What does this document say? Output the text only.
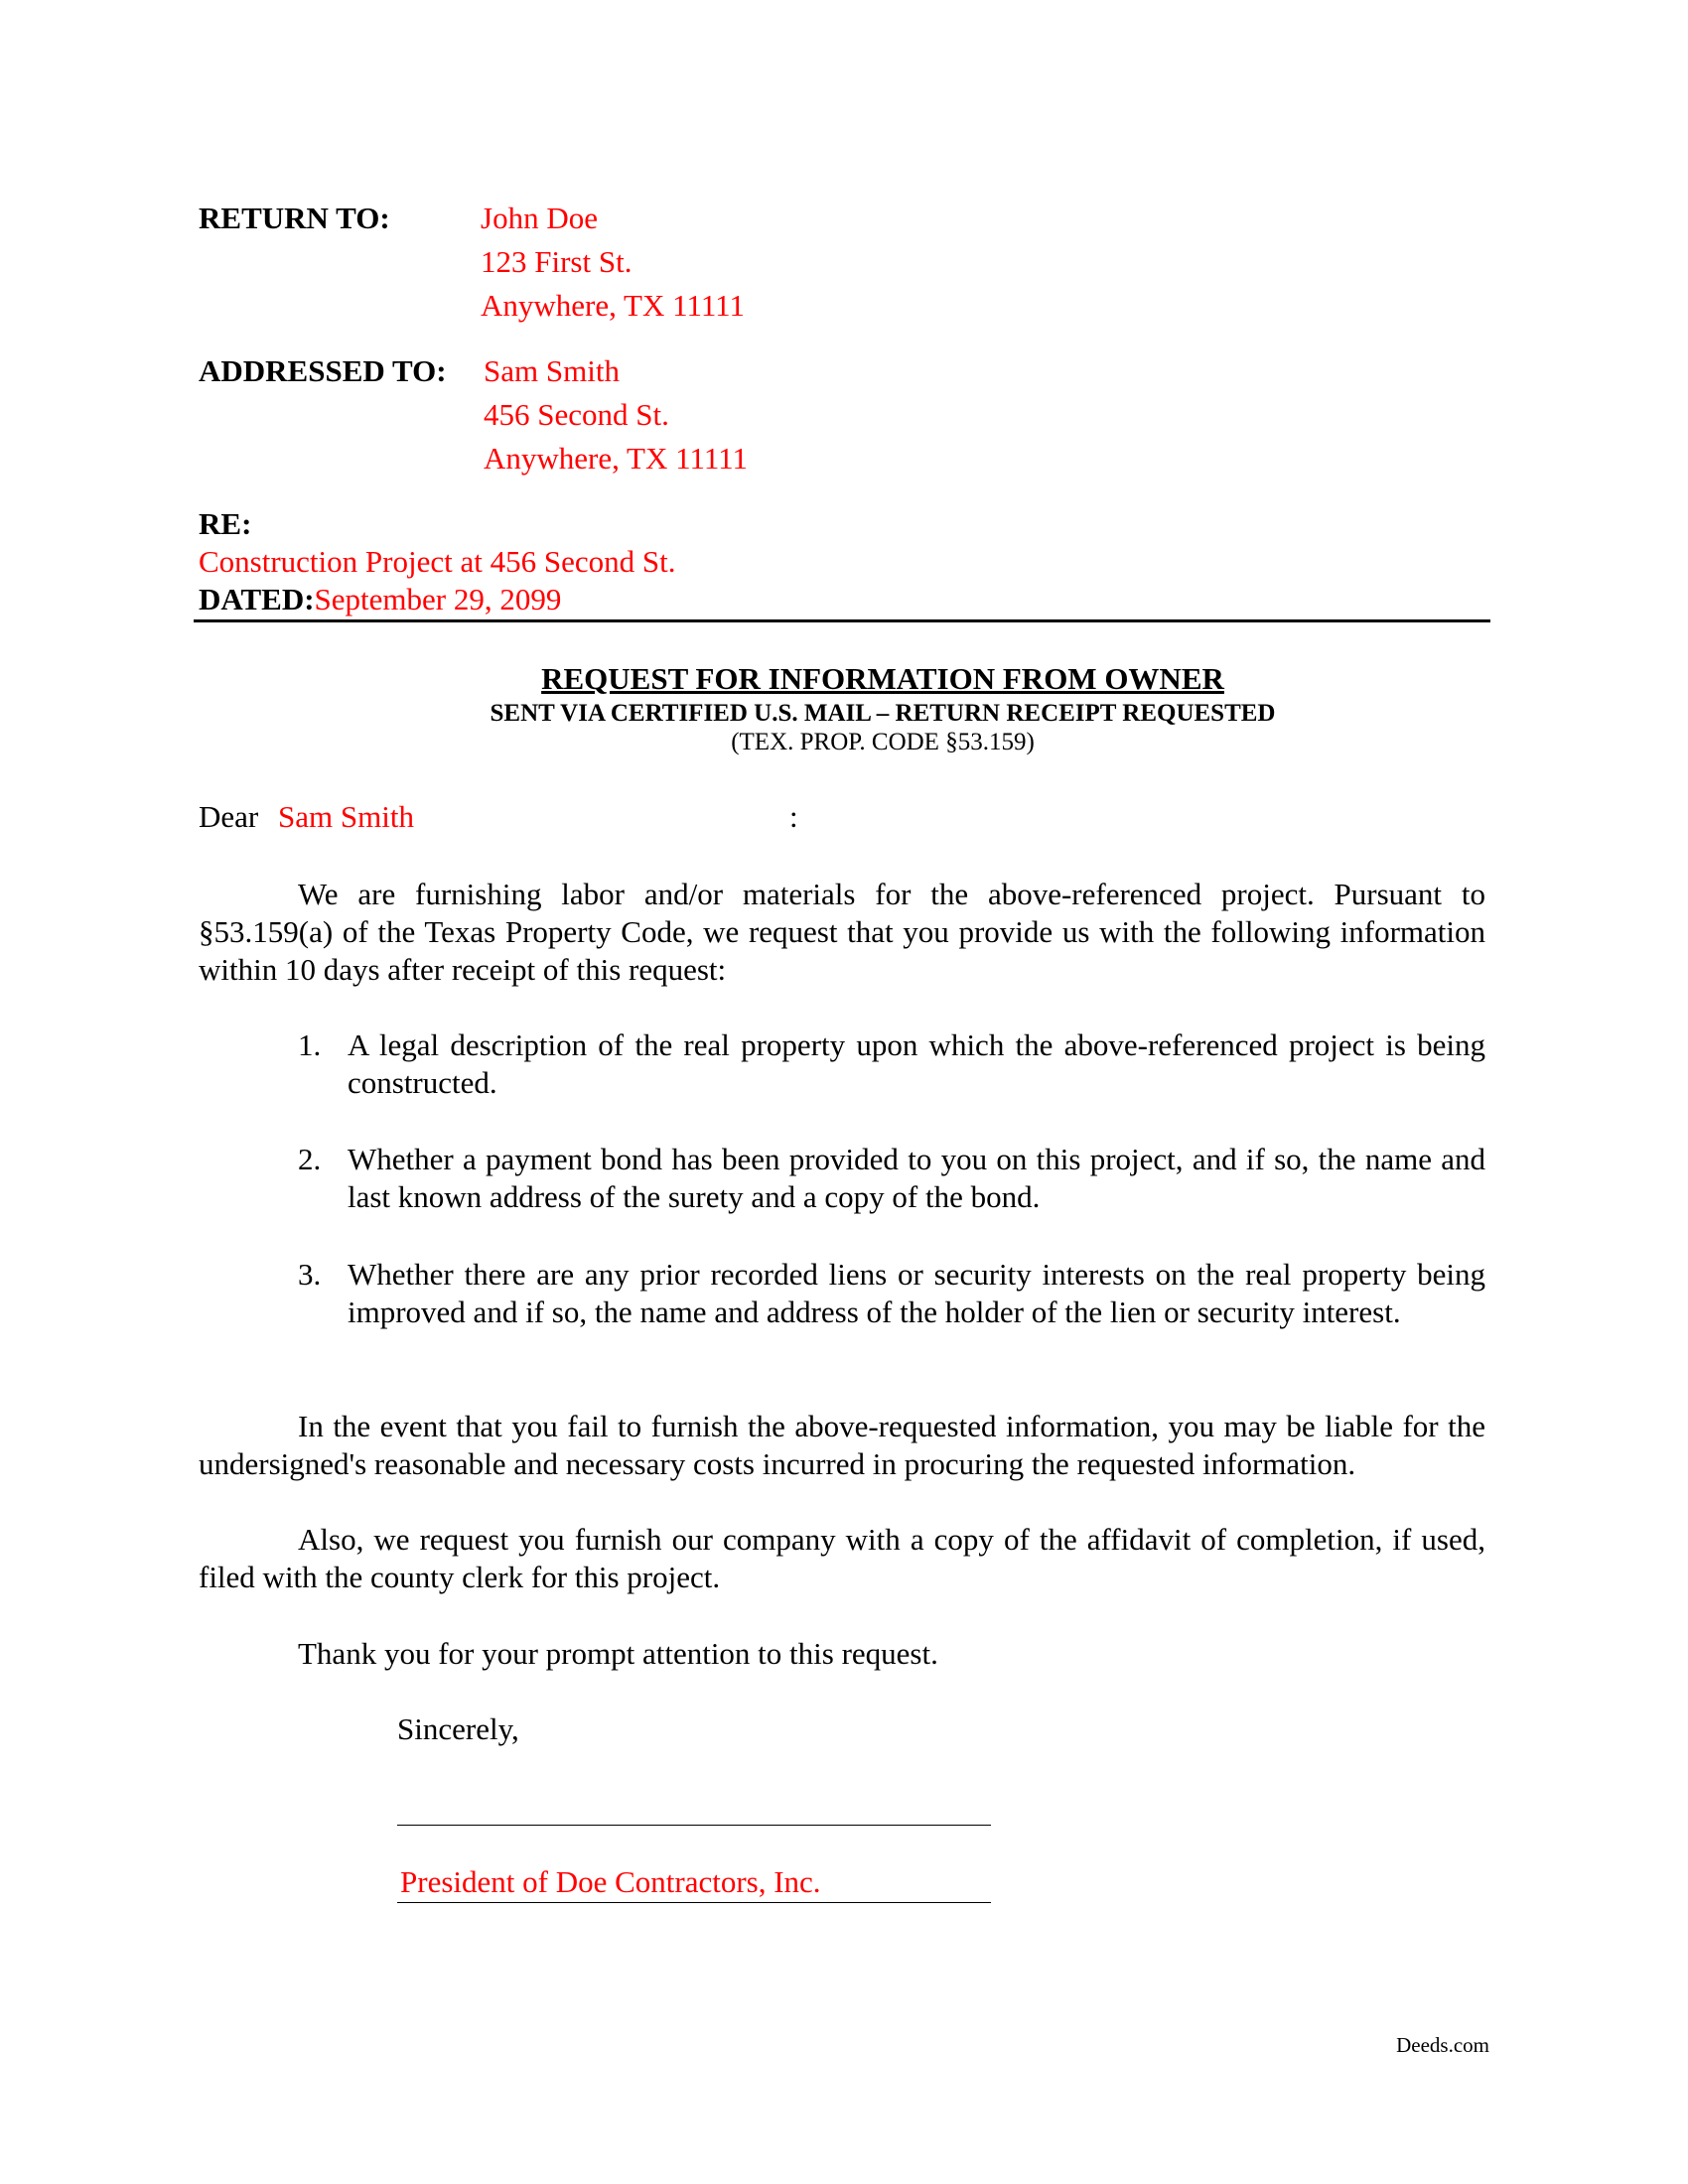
RETURN TO:	John Doe
123 First St.
Anywhere, TX 11111
ADDRESSED TO: Sam Smith
456 Second St.
Anywhere, TX 11111
RE:
Construction Project at 456 Second St.
DATED:September 29, 2099
REQUEST FOR INFORMATION FROM OWNER
SENT VIA CERTIFIED U.S. MAIL – RETURN RECEIPT REQUESTED
(TEX. PROP. CODE §53.159)
Dear Sam Smith	:

We are furnishing labor and/or materials for the above-referenced project. Pursuant to §53.159(a) of the Texas Property Code, we request that you provide us with the following information within 10 days after receipt of this request:

1. A legal description of the real property upon which the above-referenced project is being constructed.

2. Whether a payment bond has been provided to you on this project, and if so, the name and last known address of the surety and a copy of the bond.

3. Whether there are any prior recorded liens or security interests on the real property being improved and if so, the name and address of the holder of the lien or security interest.

In the event that you fail to furnish the above-requested information, you may be liable for the undersigned's reasonable and necessary costs incurred in procuring the requested information.

Also, we request you furnish our company with a copy of the affidavit of completion, if used, filed with the county clerk for this project.

Thank you for your prompt attention to this request.
Sincerely,
President of Doe Contractors, Inc.
Deeds.com
